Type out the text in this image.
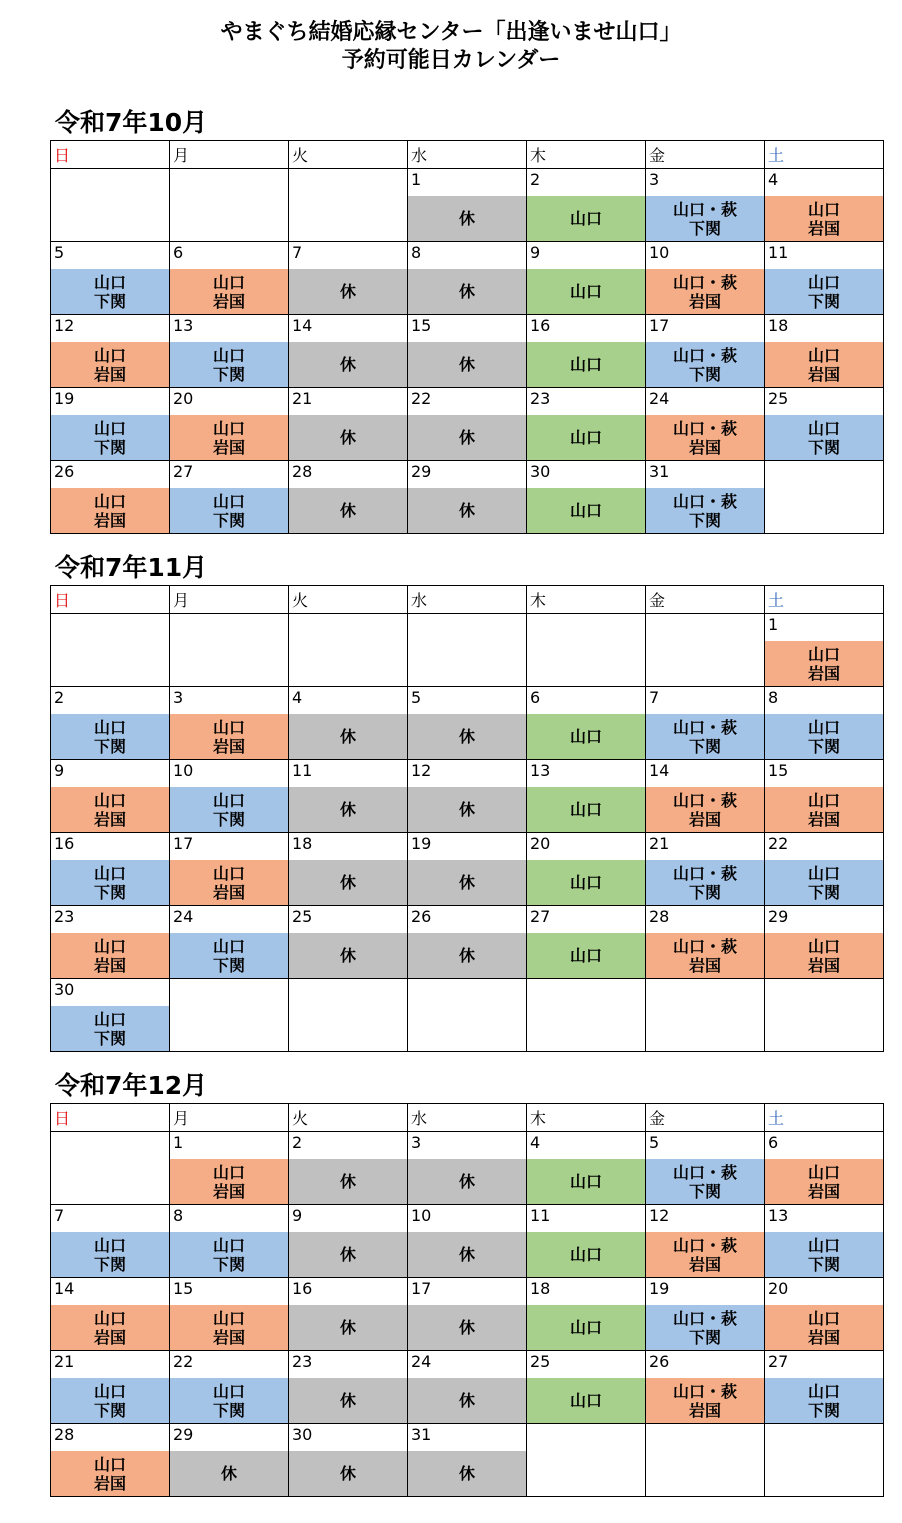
やまぐち結婚応縁センター「出逢いませ山口」
予約可能日カレンダー
令和7年10月
日	月	火	水	木	金	土

			1
休	2
山口	3
山口・萩
下関	4
山口
岩国

5
山口
下関	6
山口
岩国	7
休	8
休	9
山口	10
山口・萩
岩国	11
山口
下関

12
山口
岩国	13
山口
下関	14
休	15
休	16
山口	17
山口・萩
下関	18
山口
岩国

19
山口
下関	20
山口
岩国	21
休	22
休	23
山口	24
山口・萩
岩国	25
山口
下関

26
山口
岩国	27
山口
下関	28
休	29
休	30
山口	31
山口・萩
下関	

令和7年11月
日	月	火	水	木	金	土

						1
山口
岩国

2
山口
下関	3
山口
岩国	4
休	5
休	6
山口	7
山口・萩
下関	8
山口
下関

9
山口
岩国	10
山口
下関	11
休	12
休	13
山口	14
山口・萩
岩国	15
山口
岩国

16
山口
下関	17
山口
岩国	18
休	19
休	20
山口	21
山口・萩
下関	22
山口
下関

23
山口
岩国	24
山口
下関	25
休	26
休	27
山口	28
山口・萩
岩国	29
山口
岩国

30
山口
下関						

令和7年12月
日	月	火	水	木	金	土

	1
山口
岩国	2
休	3
休	4
山口	5
山口・萩
下関	6
山口
岩国

7
山口
下関	8
山口
下関	9
休	10
休	11
山口	12
山口・萩
岩国	13
山口
下関

14
山口
岩国	15
山口
岩国	16
休	17
休	18
山口	19
山口・萩
下関	20
山口
岩国

21
山口
下関	22
山口
下関	23
休	24
休	25
山口	26
山口・萩
岩国	27
山口
下関

28
山口
岩国	29
休	30
休	31
休			
